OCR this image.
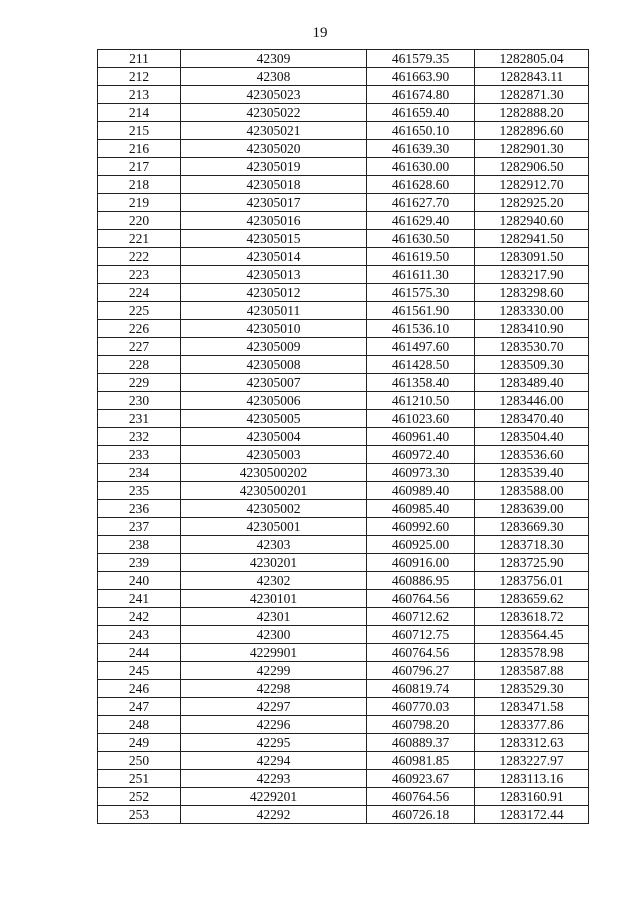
19
211	42309	461579.35	1282805.04
212	42308	461663.90	1282843.11
213	42305023	461674.80	1282871.30
214	42305022	461659.40	1282888.20
215	42305021	461650.10	1282896.60
216	42305020	461639.30	1282901.30
217	42305019	461630.00	1282906.50
218	42305018	461628.60	1282912.70
219	42305017	461627.70	1282925.20
220	42305016	461629.40	1282940.60
221	42305015	461630.50	1282941.50
222	42305014	461619.50	1283091.50
223	42305013	461611.30	1283217.90
224	42305012	461575.30	1283298.60
225	42305011	461561.90	1283330.00
226	42305010	461536.10	1283410.90
227	42305009	461497.60	1283530.70
228	42305008	461428.50	1283509.30
229	42305007	461358.40	1283489.40
230	42305006	461210.50	1283446.00
231	42305005	461023.60	1283470.40
232	42305004	460961.40	1283504.40
233	42305003	460972.40	1283536.60
234	4230500202	460973.30	1283539.40
235	4230500201	460989.40	1283588.00
236	42305002	460985.40	1283639.00
237	42305001	460992.60	1283669.30
238	42303	460925.00	1283718.30
239	4230201	460916.00	1283725.90
240	42302	460886.95	1283756.01
241	4230101	460764.56	1283659.62
242	42301	460712.62	1283618.72
243	42300	460712.75	1283564.45
244	4229901	460764.56	1283578.98
245	42299	460796.27	1283587.88
246	42298	460819.74	1283529.30
247	42297	460770.03	1283471.58
248	42296	460798.20	1283377.86
249	42295	460889.37	1283312.63
250	42294	460981.85	1283227.97
251	42293	460923.67	1283113.16
252	4229201	460764.56	1283160.91
253	42292	460726.18	1283172.44
